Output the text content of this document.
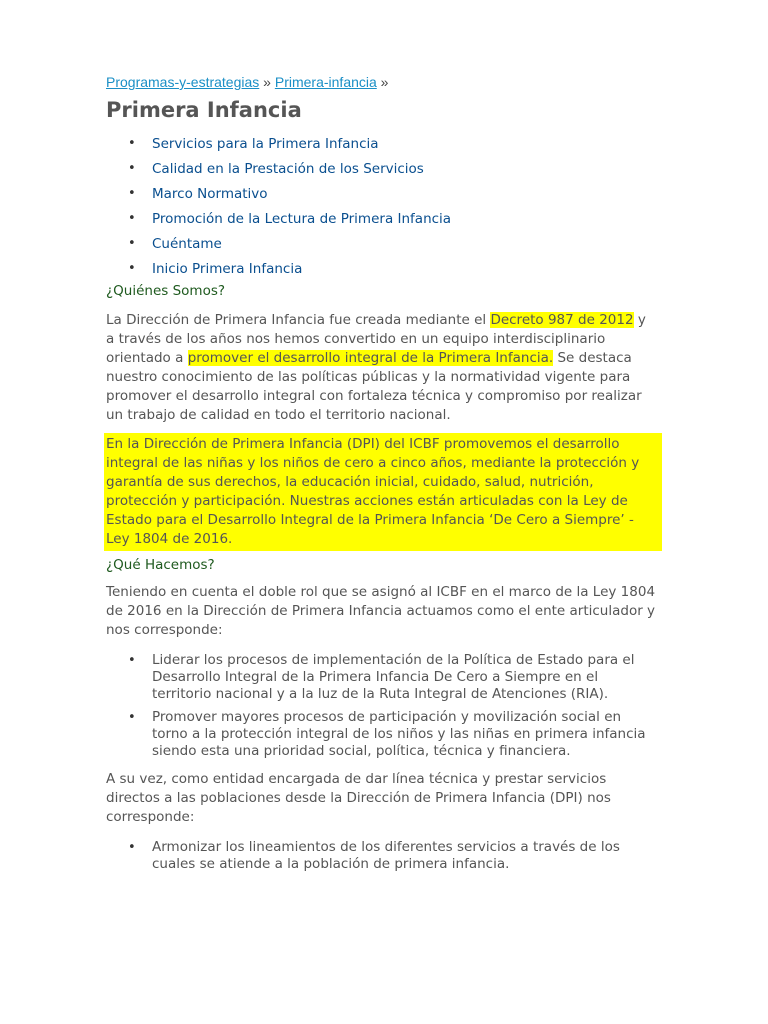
Programas-y-estrategias » Primera-infancia »
Primera Infancia
• Servicios para la Primera Infancia
• Calidad en la Prestación de los Servicios
• Marco Normativo
• Promoción de la Lectura de Primera Infancia
• Cuéntame
• Inicio Primera Infancia
¿Quiénes Somos?

La Dirección de Primera Infancia fue creada mediante el Decreto 987 de 2012 y a través de los años nos hemos convertido en un equipo interdisciplinario orientado a promover el desarrollo integral de la Primera Infancia. Se destaca nuestro conocimiento de las políticas públicas y la normatividad vigente para promover el desarrollo integral con fortaleza técnica y compromiso por realizar un trabajo de calidad en todo el territorio nacional.

En la Dirección de Primera Infancia (DPI) del ICBF promovemos el desarrollo integral de las niñas y los niños de cero a cinco años, mediante la protección y garantía de sus derechos, la educación inicial, cuidado, salud, nutrición, protección y participación. Nuestras acciones están articuladas con la Ley de Estado para el Desarrollo Integral de la Primera Infancia ‘De Cero a Siempre’ - Ley 1804 de 2016.

¿Qué Hacemos?

Teniendo en cuenta el doble rol que se asignó al ICBF en el marco de la Ley 1804 de 2016 en la Dirección de Primera Infancia actuamos como el ente articulador y nos corresponde:

• Liderar los procesos de implementación de la Política de Estado para el Desarrollo Integral de la Primera Infancia De Cero a Siempre en el territorio nacional y a la luz de la Ruta Integral de Atenciones (RIA).
• Promover mayores procesos de participación y movilización social en torno a la protección integral de los niños y las niñas en primera infancia siendo esta una prioridad social, política, técnica y financiera.

A su vez, como entidad encargada de dar línea técnica y prestar servicios directos a las poblaciones desde la Dirección de Primera Infancia (DPI) nos corresponde:

• Armonizar los lineamientos de los diferentes servicios a través de los cuales se atiende a la población de primera infancia.
